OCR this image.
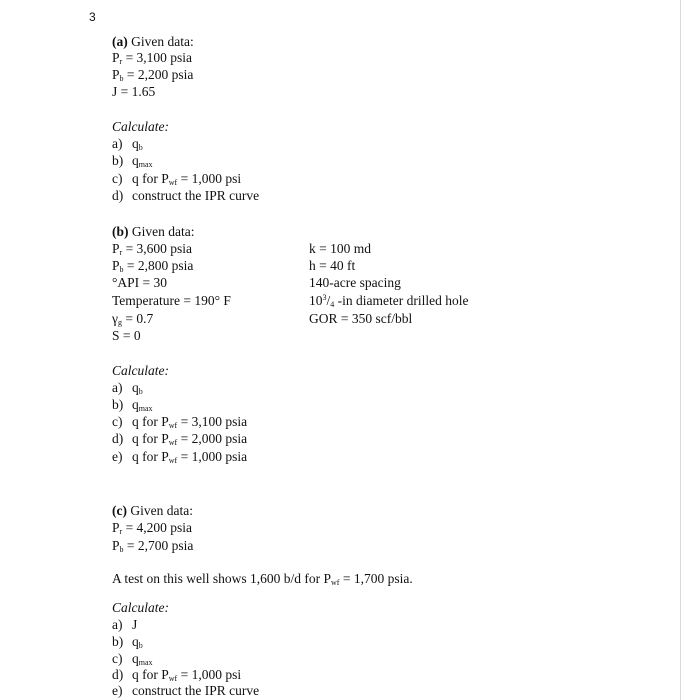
3
(a) Given data:
$P_r = 3,100$ psia
$P_b = 2,200$ psia
J = 1.65
Calculate:
a) $q_b$
b) $q_{max}$
c) q for $P_{wf} = 1,000$ psi
d) construct the IPR curve
(b) Given data:
$P_r = 3,600$ psia
$P_b = 2,800$ psia
°API = 30
Temperature = 190° F
$\gamma_g = 0.7$
S = 0
k = 100 md
h = 40 ft
140-acre spacing
$10^3/_4$ -in diameter drilled hole
GOR = 350 scf/bbl
Calculate:
a) $q_b$
b) $q_{max}$
c) q for $P_{wf} = 3,100$ psia
d) q for $P_{wf} = 2,000$ psia
e) q for $P_{wf} = 1,000$ psia
(c) Given data:
$P_r = 4,200$ psia
$P_b = 2,700$ psia
A test on this well shows 1,600 b/d for $P_{wf} = 1,700$ psia.
Calculate:
a) J
b) $q_b$
c) $q_{max}$
d) q for $P_{wf} = 1,000$ psi
e) construct the IPR curve
